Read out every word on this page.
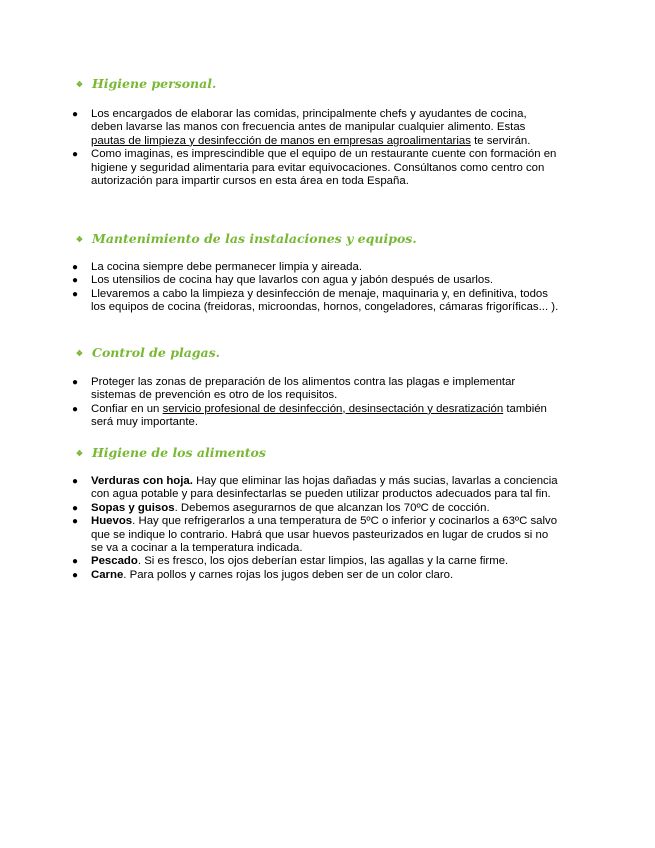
❖ Higiene personal.
● Los encargados de elaborar las comidas, principalmente chefs y ayudantes de cocina, deben lavarse las manos con frecuencia antes de manipular cualquier alimento. Estas pautas de limpieza y desinfección de manos en empresas agroalimentarias te servirán.
● Como imaginas, es imprescindible que el equipo de un restaurante cuente con formación en higiene y seguridad alimentaria para evitar equivocaciones. Consúltanos como centro con autorización para impartir cursos en esta área en toda España.
❖ Mantenimiento de las instalaciones y equipos.
● La cocina siempre debe permanecer limpia y aireada.
● Los utensilios de cocina hay que lavarlos con agua y jabón después de usarlos.
● Llevaremos a cabo la limpieza y desinfección de menaje, maquinaria y, en definitiva, todos los equipos de cocina (freidoras, microondas, hornos, congeladores, cámaras frigoríficas... ).
❖ Control de plagas.
● Proteger las zonas de preparación de los alimentos contra las plagas e implementar sistemas de prevención es otro de los requisitos.
● Confiar en un servicio profesional de desinfección, desinsectación y desratización también será muy importante.
❖ Higiene de los alimentos
● Verduras con hoja. Hay que eliminar las hojas dañadas y más sucias, lavarlas a conciencia con agua potable y para desinfectarlas se pueden utilizar productos adecuados para tal fin.
● Sopas y guisos. Debemos asegurarnos de que alcanzan los 70ºC de cocción.
● Huevos. Hay que refrigerarlos a una temperatura de 5ºC o inferior y cocinarlos a 63ºC salvo que se indique lo contrario. Habrá que usar huevos pasteurizados en lugar de crudos si no se va a cocinar a la temperatura indicada.
● Pescado. Si es fresco, los ojos deberían estar limpios, las agallas y la carne firme.
● Carne. Para pollos y carnes rojas los jugos deben ser de un color claro.
